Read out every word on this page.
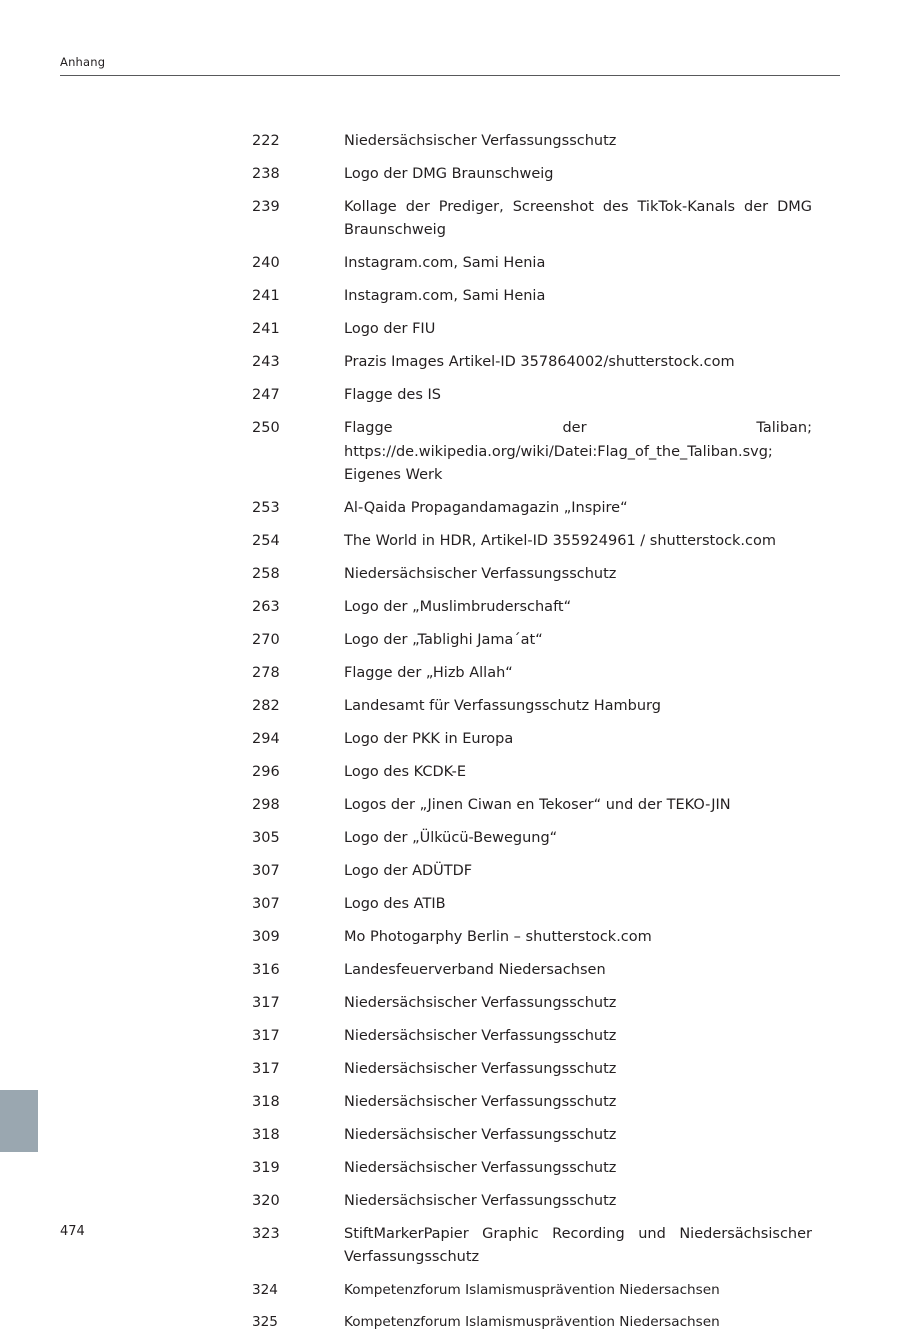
Anhang
222	Niedersächsischer Verfassungsschutz
238	Logo der DMG Braunschweig
239	Kollage der Prediger, Screenshot des TikTok-Kanals der DMG Braunschweig
240	Instagram.com, Sami Henia
241	Instagram.com, Sami Henia
241	Logo der FIU
243	Prazis Images Artikel-ID 357864002/shutterstock.com
247	Flagge des IS
250	Flagge der Taliban; https://de.wikipedia.org/wiki/Datei:Flag_of_the_Taliban.svg; Eigenes Werk
253	Al-Qaida Propagandamagazin „Inspire“
254	The World in HDR, Artikel-ID 355924961 / shutterstock.com
258	Niedersächsischer Verfassungsschutz
263	Logo der „Muslimbruderschaft“
270	Logo der „Tablighi Jama´at“
278	Flagge der „Hizb Allah“
282	Landesamt für Verfassungsschutz Hamburg
294	Logo der PKK in Europa
296	Logo des KCDK-E
298	Logos der „Jinen Ciwan en Tekoser“ und der TEKO-JIN
305	Logo der „Ülkücü-Bewegung“
307	Logo der ADÜTDF
307	Logo des ATIB
309	Mo Photogarphy Berlin – shutterstock.com
316	Landesfeuerverband Niedersachsen
317	Niedersächsischer Verfassungsschutz
317	Niedersächsischer Verfassungsschutz
317	Niedersächsischer Verfassungsschutz
318	Niedersächsischer Verfassungsschutz
318	Niedersächsischer Verfassungsschutz
319	Niedersächsischer Verfassungsschutz
320	Niedersächsischer Verfassungsschutz
323	StiftMarkerPapier Graphic Recording und Niedersächsischer Verfassungsschutz
324	Kompetenzforum Islamismusprävention Niedersachsen
325	Kompetenzforum Islamismusprävention Niedersachsen
474
